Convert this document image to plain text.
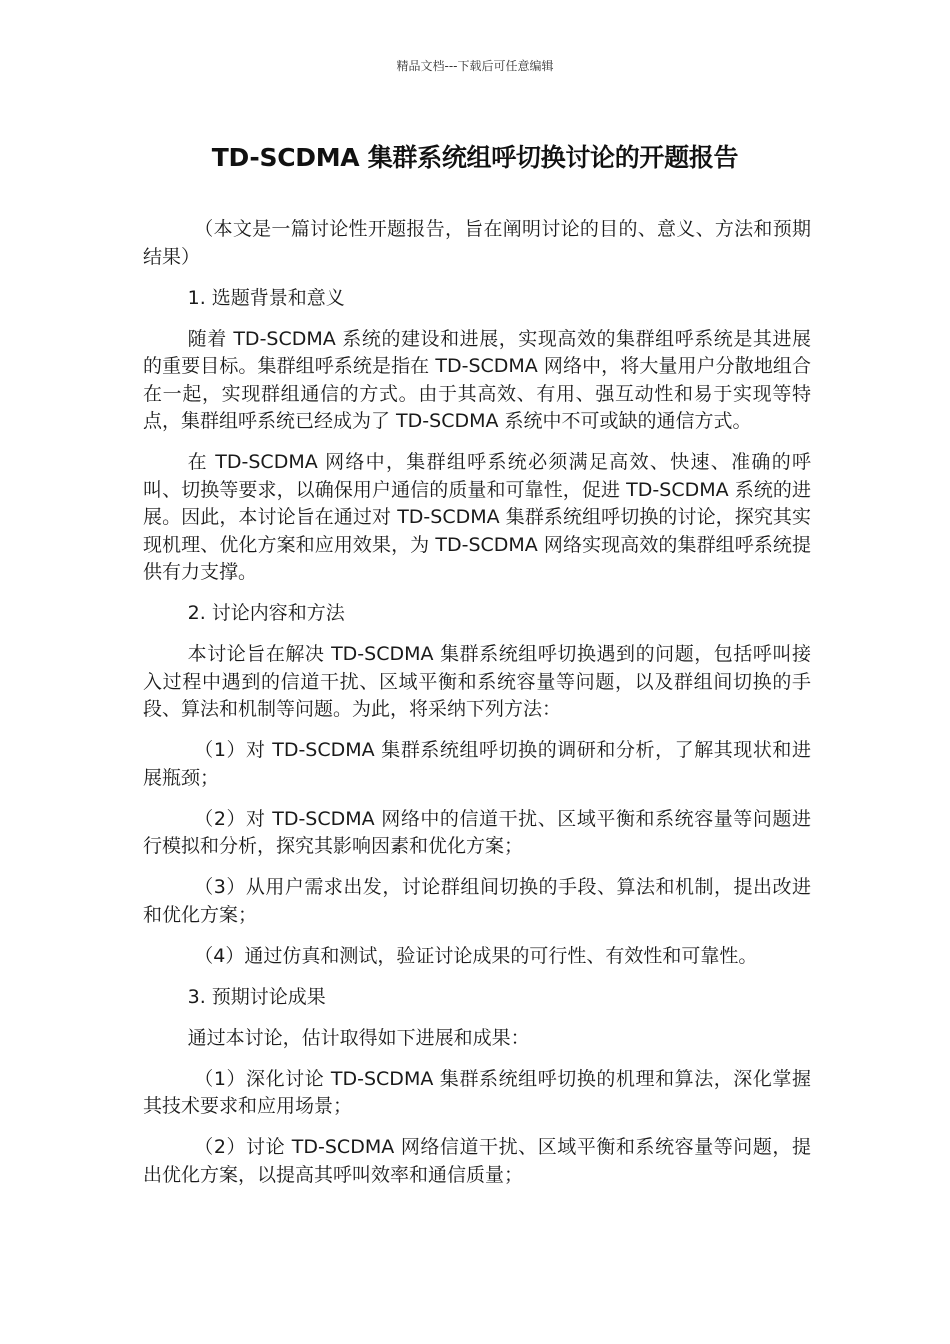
精品文档---下载后可任意编辑
TD-SCDMA 集群系统组呼切换讨论的开题报告

（本文是一篇讨论性开题报告，旨在阐明讨论的目的、意义、方法和预期结果）

1. 选题背景和意义

随着 TD-SCDMA 系统的建设和进展，实现高效的集群组呼系统是其进展的重要目标。集群组呼系统是指在 TD-SCDMA 网络中，将大量用户分散地组合在一起，实现群组通信的方式。由于其高效、有用、强互动性和易于实现等特点，集群组呼系统已经成为了 TD-SCDMA 系统中不可或缺的通信方式。

在 TD-SCDMA 网络中，集群组呼系统必须满足高效、快速、准确的呼叫、切换等要求，以确保用户通信的质量和可靠性，促进 TD-SCDMA 系统的进展。因此，本讨论旨在通过对 TD-SCDMA 集群系统组呼切换的讨论，探究其实现机理、优化方案和应用效果，为 TD-SCDMA 网络实现高效的集群组呼系统提供有力支撑。

2. 讨论内容和方法

本讨论旨在解决 TD-SCDMA 集群系统组呼切换遇到的问题，包括呼叫接入过程中遇到的信道干扰、区域平衡和系统容量等问题，以及群组间切换的手段、算法和机制等问题。为此，将采纳下列方法：

（1）对 TD-SCDMA 集群系统组呼切换的调研和分析，了解其现状和进展瓶颈；

（2）对 TD-SCDMA 网络中的信道干扰、区域平衡和系统容量等问题进行模拟和分析，探究其影响因素和优化方案；

（3）从用户需求出发，讨论群组间切换的手段、算法和机制，提出改进和优化方案；

（4）通过仿真和测试，验证讨论成果的可行性、有效性和可靠性。

3. 预期讨论成果

通过本讨论，估计取得如下进展和成果：

（1）深化讨论 TD-SCDMA 集群系统组呼切换的机理和算法，深化掌握其技术要求和应用场景；

（2）讨论 TD-SCDMA 网络信道干扰、区域平衡和系统容量等问题，提出优化方案，以提高其呼叫效率和通信质量；
